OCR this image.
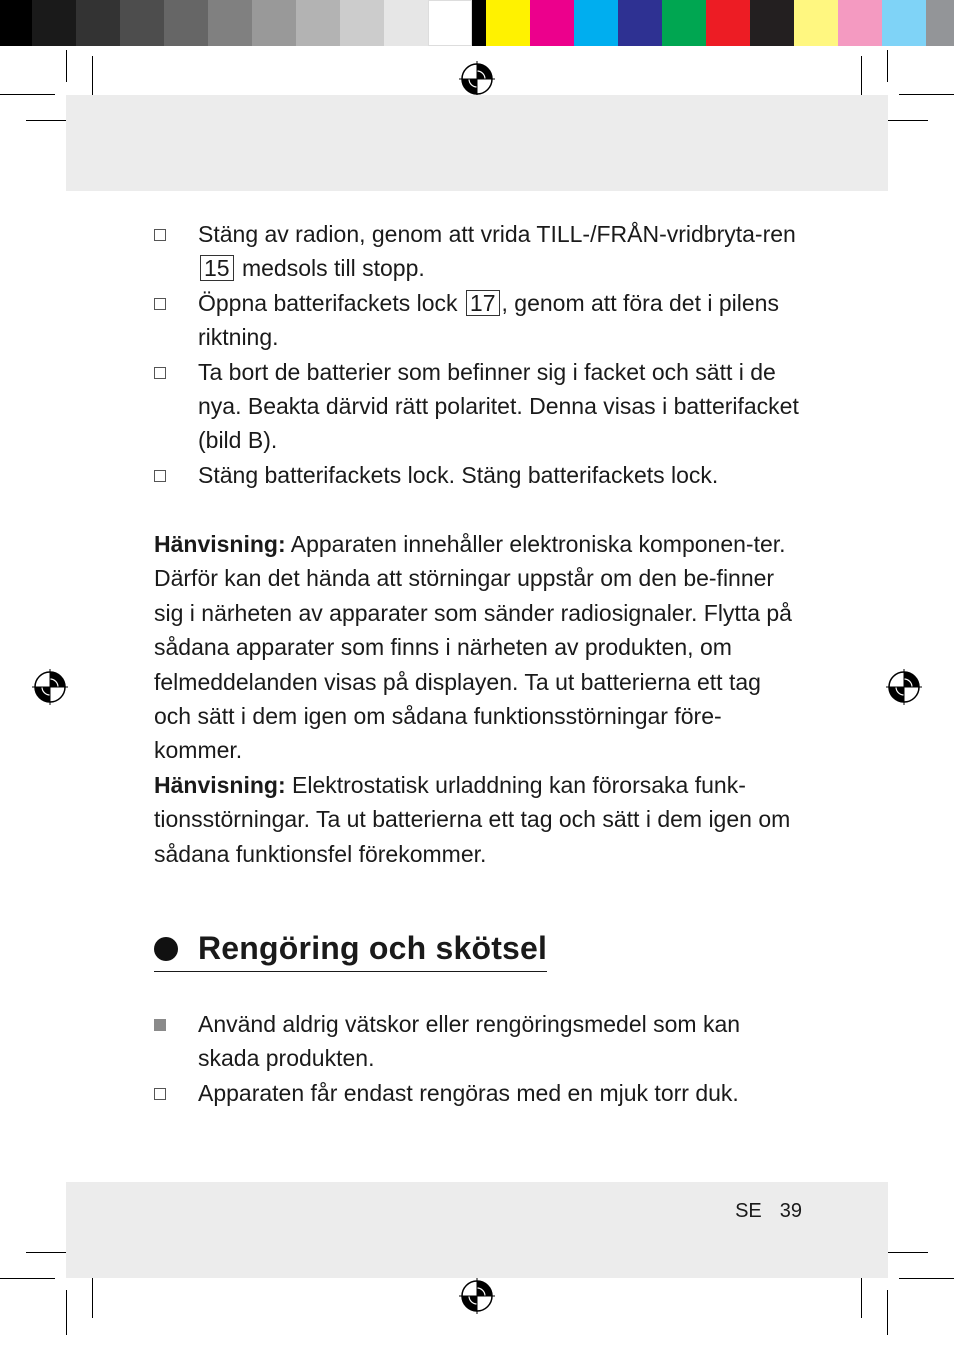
Stäng av radion, genom att vrida TILL-/FRÅN-vridbryta-ren 15 medsols till stopp.
Öppna batterifackets lock 17 , genom att föra det i pilens riktning.
Ta bort de batterier som befinner sig i facket och sätt i de nya. Beakta därvid rätt polaritet. Denna visas i batterifacket (bild B).
Stäng batterifackets lock. Stäng batterifackets lock.

Hänvisning: Apparaten innehåller elektroniska komponen-ter. Därför kan det hända att störningar uppstår om den be-finner sig i närheten av apparater som sänder radiosignaler. Flytta på sådana apparater som finns i närheten av produkten, om felmeddelanden visas på displayen. Ta ut batterierna ett tag och sätt i dem igen om sådana funktionsstörningar före-kommer.

Hänvisning: Elektrostatisk urladdning kan förorsaka funk-tionsstörningar. Ta ut batterierna ett tag och sätt i dem igen om sådana funktionsfel förekommer.

Rengöring och skötsel
Använd aldrig vätskor eller rengöringsmedel som kan skada produkten.
Apparaten får endast rengöras med en mjuk torr duk.
SE 39
